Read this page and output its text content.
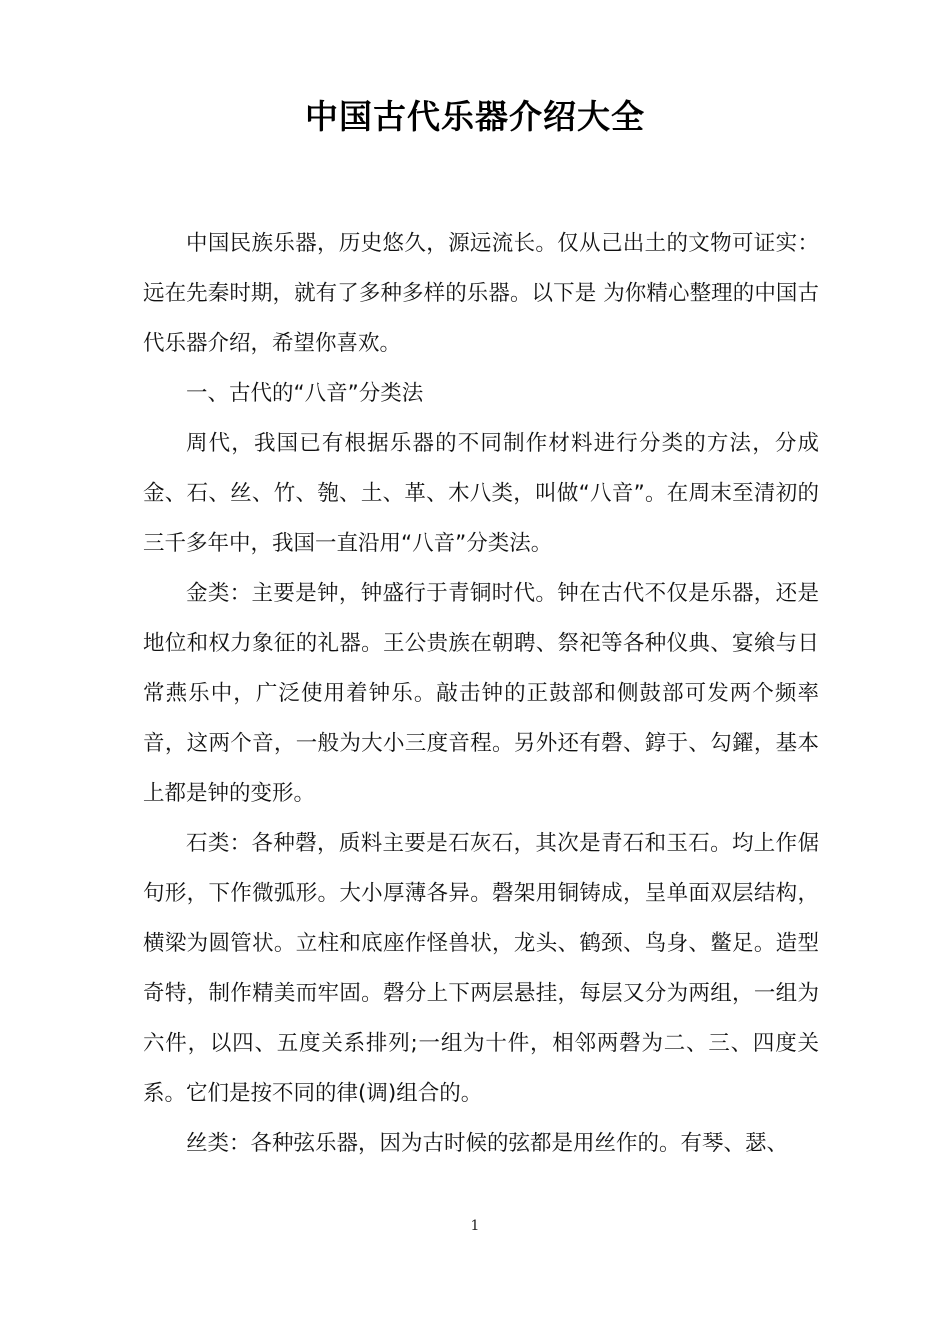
中国古代乐器介绍大全

中国民族乐器，历史悠久，源远流长。仅从己出土的文物可证实：远在先秦时期，就有了多种多样的乐器。以下是 为你精心整理的中国古代乐器介绍，希望你喜欢。

一、古代的“八音”分类法

周代，我国已有根据乐器的不同制作材料进行分类的方法，分成金、石、丝、竹、匏、土、革、木八类，叫做“八音”。在周末至清初的三千多年中，我国一直沿用“八音”分类法。

金类：主要是钟，钟盛行于青铜时代。钟在古代不仅是乐器，还是地位和权力象征的礼器。王公贵族在朝聘、祭祀等各种仪典、宴飨与日常燕乐中，广泛使用着钟乐。敲击钟的正鼓部和侧鼓部可发两个频率音，这两个音，一般为大小三度音程。另外还有磬、錞于、勾鑃，基本上都是钟的变形。

石类：各种磬，质料主要是石灰石，其次是青石和玉石。均上作倨句形，下作微弧形。大小厚薄各异。磬架用铜铸成，呈单面双层结构，横梁为圆管状。立柱和底座作怪兽状，龙头、鹤颈、鸟身、鳖足。造型奇特，制作精美而牢固。磬分上下两层悬挂，每层又分为两组，一组为六件，以四、五度关系排列;一组为十件，相邻两磬为二、三、四度关系。它们是按不同的律(调)组合的。

丝类：各种弦乐器，因为古时候的弦都是用丝作的。有琴、瑟、

1
